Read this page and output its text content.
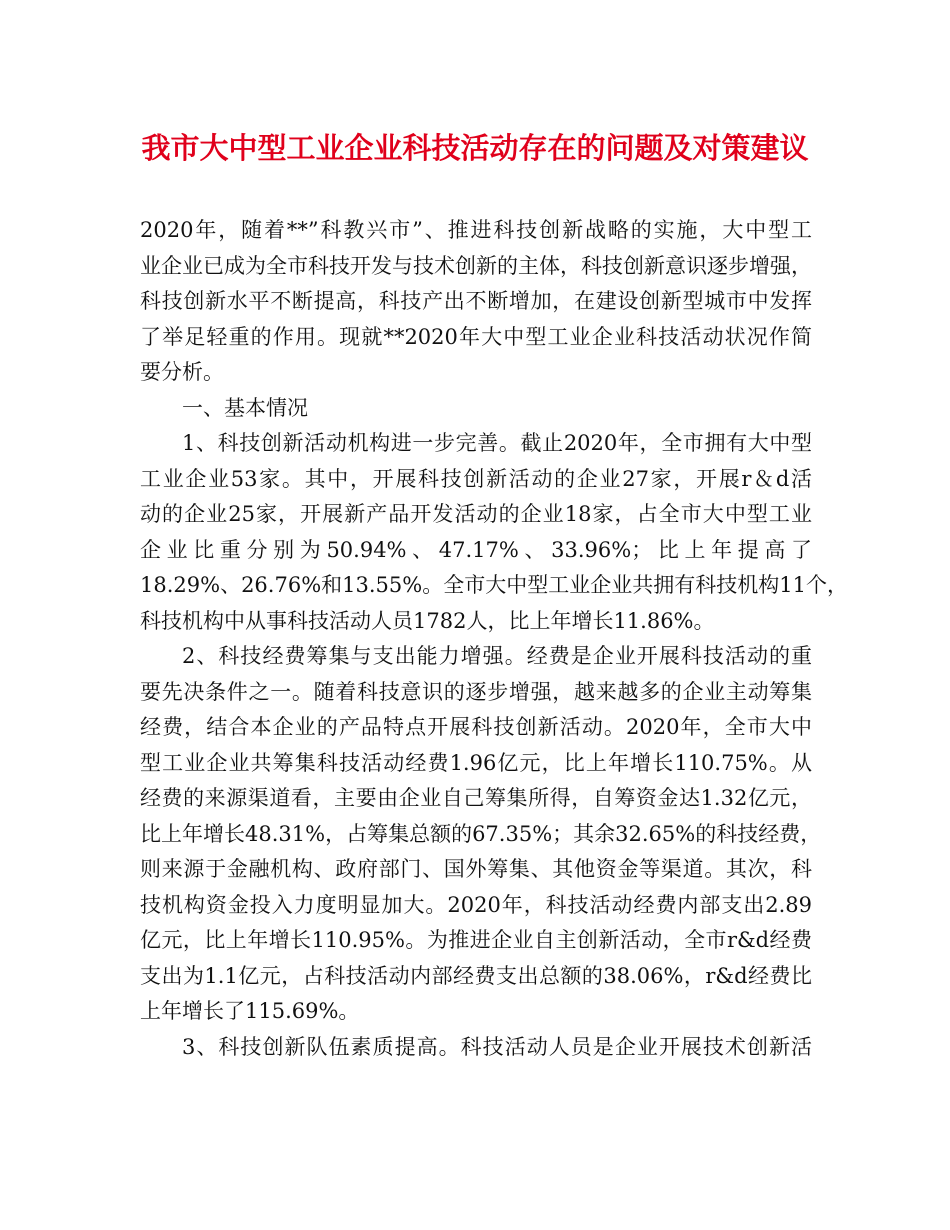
我市大中型工业企业科技活动存在的问题及对策建议

2020年，随着**”科教兴市”、推进科技创新战略的实施，大中型工
业企业已成为全市科技开发与技术创新的主体，科技创新意识逐步增强，
科技创新水平不断提高，科技产出不断增加，在建设创新型城市中发挥
了举足轻重的作用。现就**2020年大中型工业企业科技活动状况作简
要分析。

一、基本情况

1、科技创新活动机构进一步完善。截止2020年，全市拥有大中型
工业企业53家。其中，开展科技创新活动的企业27家，开展r＆d活
动的企业25家，开展新产品开发活动的企业18家，占全市大中型工业
企业比重分别为50.94%、47.17%、33.96%；比上年提高了
18.29%、26.76%和13.55%。全市大中型工业企业共拥有科技机构11个，
科技机构中从事科技活动人员1782人，比上年增长11.86%。

2、科技经费筹集与支出能力增强。经费是企业开展科技活动的重
要先决条件之一。随着科技意识的逐步增强，越来越多的企业主动筹集
经费，结合本企业的产品特点开展科技创新活动。2020年，全市大中
型工业企业共筹集科技活动经费1.96亿元，比上年增长110.75%。从
经费的来源渠道看，主要由企业自己筹集所得，自筹资金达1.32亿元，
比上年增长48.31%，占筹集总额的67.35%；其余32.65%的科技经费，
则来源于金融机构、政府部门、国外筹集、其他资金等渠道。其次，科
技机构资金投入力度明显加大。2020年，科技活动经费内部支出2.89
亿元，比上年增长110.95%。为推进企业自主创新活动，全市r&d经费
支出为1.1亿元，占科技活动内部经费支出总额的38.06%，r&d经费比
上年增长了115.69%。

3、科技创新队伍素质提高。科技活动人员是企业开展技术创新活
